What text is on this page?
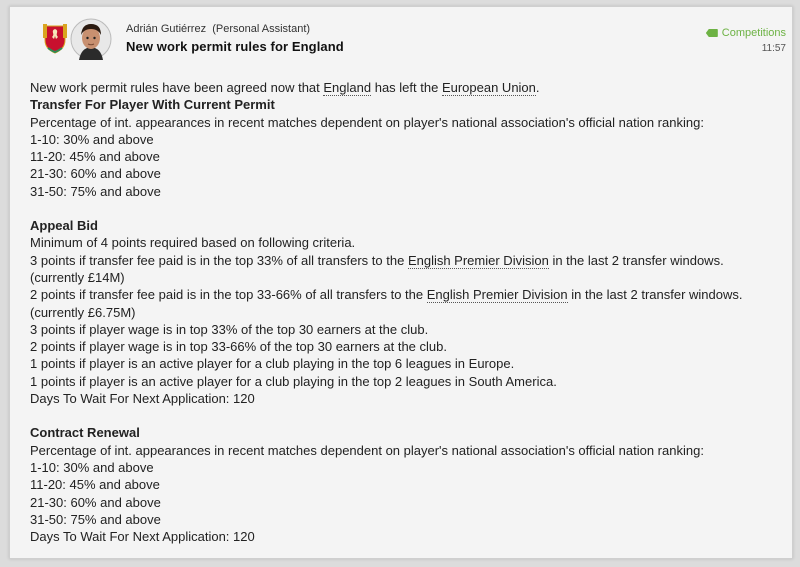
Adrián Gutiérrez (Personal Assistant)
New work permit rules for England
Competitions
11:57

New work permit rules have been agreed now that England has left the European Union.

Transfer For Player With Current Permit

Percentage of int. appearances in recent matches dependent on player's national association's official nation ranking:

1-10: 30% and above

11-20: 45% and above

21-30: 60% and above

31-50: 75% and above

Appeal Bid

Minimum of 4 points required based on following criteria.

3 points if transfer fee paid is in the top 33% of all transfers to the English Premier Division in the last 2 transfer windows.

(currently £14M)

2 points if transfer fee paid is in the top 33-66% of all transfers to the English Premier Division in the last 2 transfer windows.

(currently £6.75M)

3 points if player wage is in top 33% of the top 30 earners at the club.

2 points if player wage is in top 33-66% of the top 30 earners at the club.

1 points if player is an active player for a club playing in the top 6 leagues in Europe.

1 points if player is an active player for a club playing in the top 2 leagues in South America.

Days To Wait For Next Application: 120

Contract Renewal

Percentage of int. appearances in recent matches dependent on player's national association's official nation ranking:

1-10: 30% and above

11-20: 45% and above

21-30: 60% and above

31-50: 75% and above

Days To Wait For Next Application: 120
